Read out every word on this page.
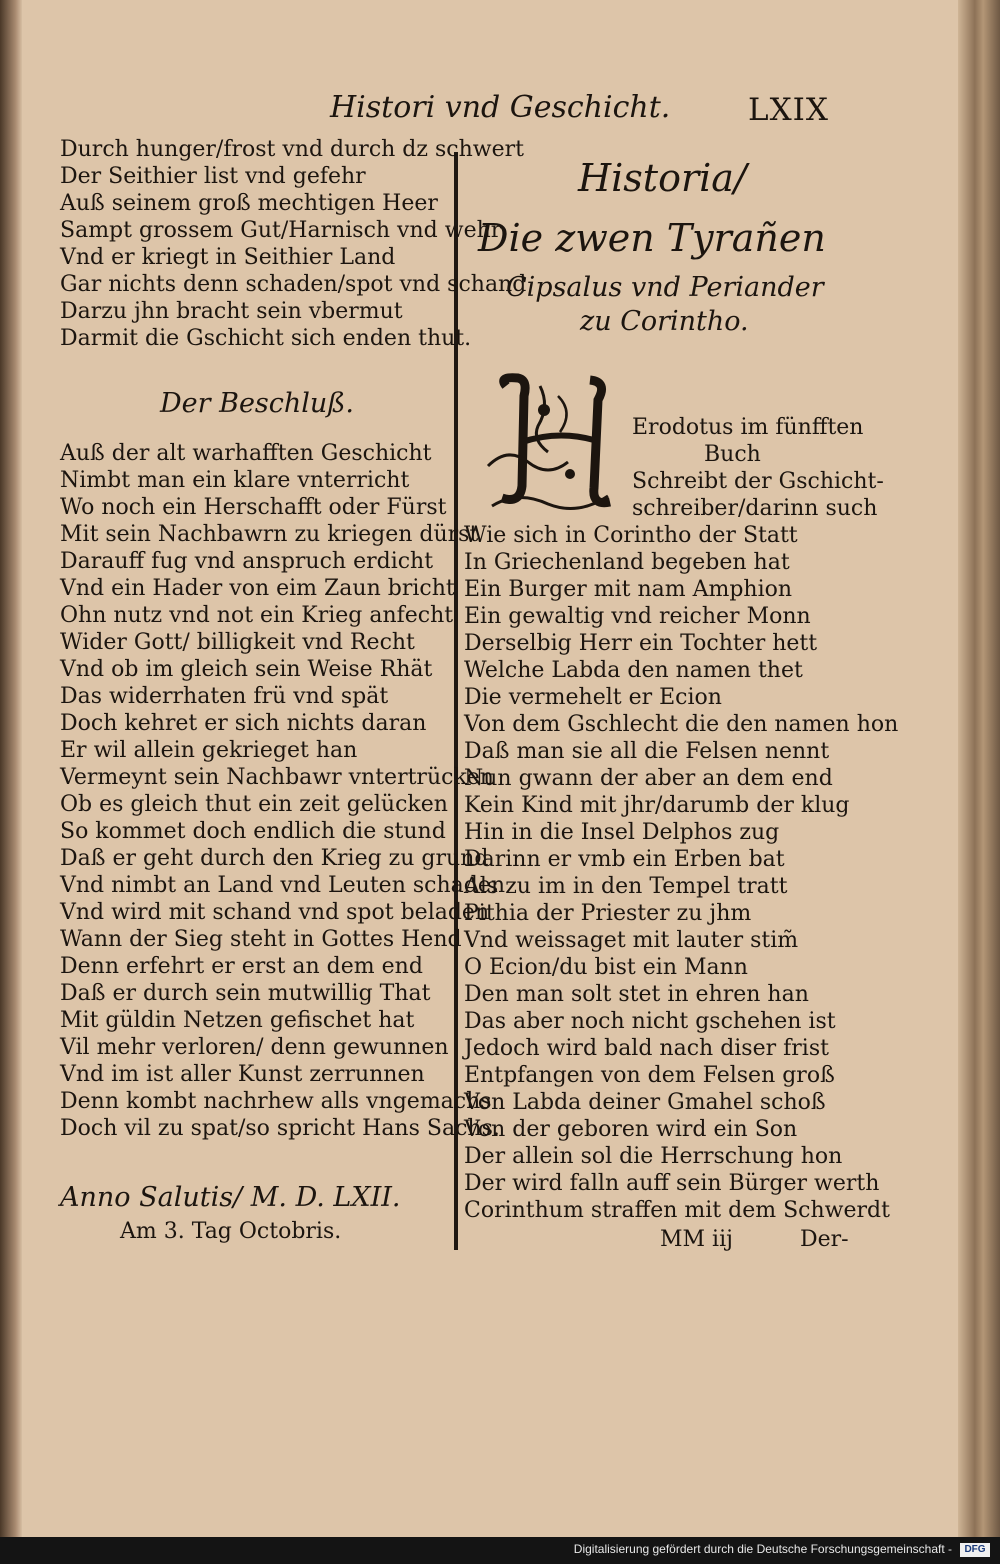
Histori vnd Geschicht.	LXIX
Durch hunger/frost vnd durch dz schwert
Der Seithier list vnd gefehr
Auß seinem groß mechtigen Heer
Sampt grossem Gut/Harnisch vnd wehr
Vnd er kriegt in Seithier Land
Gar nichts denn schaden/spot vnd schand
Darzu jhn bracht sein vbermut
Darmit die Gschicht sich enden thut.
Der Beschluß.
Auß der alt warhafften Geschicht
Nimbt man ein klare vnterricht
Wo noch ein Herschafft oder Fürst
Mit sein Nachbawrn zu kriegen dürst
Darauff fug vnd anspruch erdicht
Vnd ein Hader von eim Zaun bricht
Ohn nutz vnd not ein Krieg anfecht
Wider Gott/ billigkeit vnd Recht
Vnd ob im gleich sein Weise Rhät
Das widerrhaten frü vnd spät
Doch kehret er sich nichts daran
Er wil allein gekrieget han
Vermeynt sein Nachbawr vntertrücken
Ob es gleich thut ein zeit gelücken
So kommet doch endlich die stund
Daß er geht durch den Krieg zu grund
Vnd nimbt an Land vnd Leuten schaden
Vnd wird mit schand vnd spot beladen
Wann der Sieg steht in Gottes Hend
Denn erfehrt er erst an dem end
Daß er durch sein mutwillig That
Mit güldin Netzen gefischet hat
Vil mehr verloren/ denn gewunnen
Vnd im ist aller Kunst zerrunnen
Denn kombt nachrhew alls vngemachs
Doch vil zu spat/so spricht Hans Sachs.
Anno Salutis/ M. D. LXII.
Am 3. Tag Octobris.
Historia/
Die zwen Tyrañen
Cipsalus vnd Periander
zu Corintho.
Erodotus im fünfften
Buch
Schreibt der Gschicht-
schreiber/darinn such
Wie sich in Corintho der Statt
In Griechenland begeben hat
Ein Burger mit nam Amphion
Ein gewaltig vnd reicher Monn
Derselbig Herr ein Tochter hett
Welche Labda den namen thet
Die vermehelt er Ecion
Von dem Gschlecht die den namen hon
Daß man sie all die Felsen nennt
Nun gwann der aber an dem end
Kein Kind mit jhr/darumb der klug
Hin in die Insel Delphos zug
Darinn er vmb ein Erben bat
Als zu im in den Tempel tratt
Pithia der Priester zu jhm
Vnd weissaget mit lauter stim̃
O Ecion/du bist ein Mann
Den man solt stet in ehren han
Das aber noch nicht gschehen ist
Jedoch wird bald nach diser frist
Entpfangen von dem Felsen groß
Von Labda deiner Gmahel schoß
Von der geboren wird ein Son
Der allein sol die Herrschung hon
Der wird falln auff sein Bürger werth
Corinthum straffen mit dem Schwerdt
MM iij	Der-
Digitalisierung gefördert durch die Deutsche Forschungsgemeinschaft -	DFG
